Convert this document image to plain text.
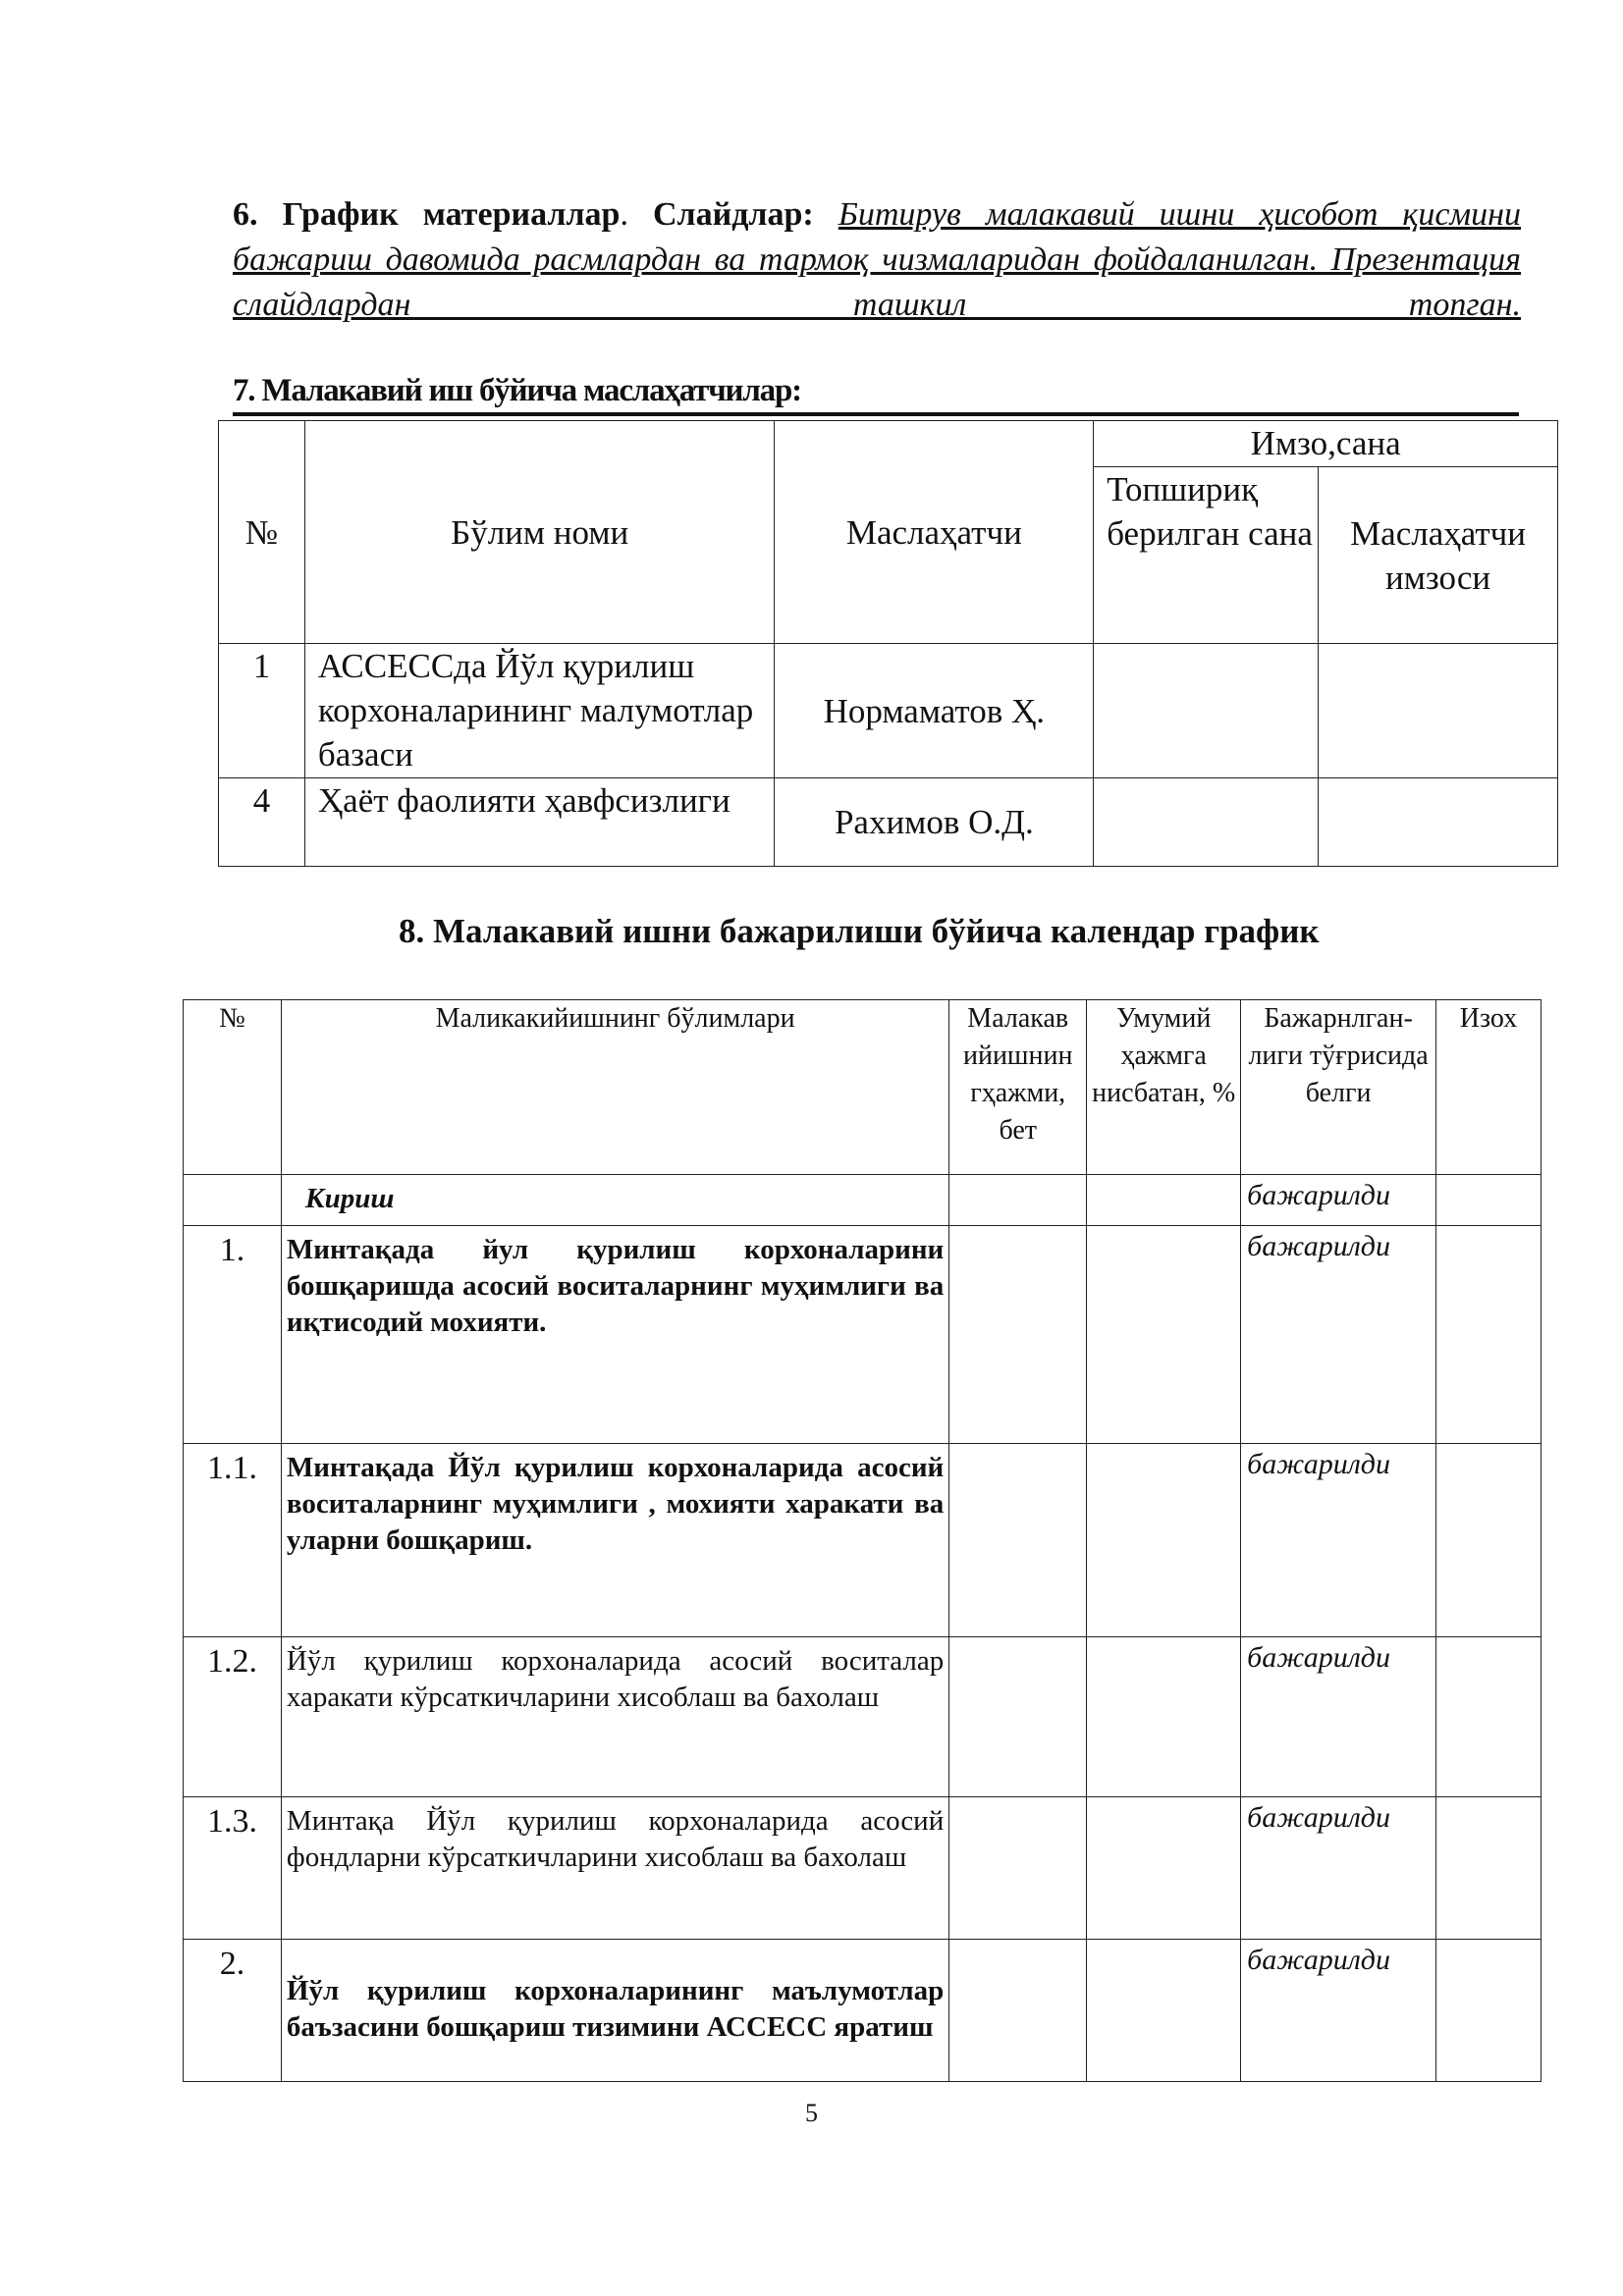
6. График материаллар. Слайдлар: Битирув малакавий ишни ҳисобот қисмини бажариш давомида расмлардан ва тармоқ чизмаларидан фойдаланилган. Презентация слайдлардан ташкил топган.
7. Малакавий иш бўйича маслаҳатчилар:
№	Бўлим номи	Маслаҳатчи	Имзо,сана	
			Топшириқ берилган сана	Маслаҳатчи имзоси
1	АССЕССда Йўл қурилиш корхоналарининг малумотлар базаси	Нормаматов Ҳ.		
4	Ҳаёт фаолияти ҳавфсизлиги	Рахимов О.Д.		
8. Малакавий ишни бажарилиши бўйича календар график
№	Маликакийишнинг бўлимлари	Малакав ийишнин гҳажми, бет	Умумий ҳажмга нисбатан, %	Бажарнлган-лиги тўғрисида белги	Изох
	Кириш			бажарилди	
1.	Минтақада йул қурилиш корхоналарини бошқаришда асосий воситаларнинг муҳимлиги ва иқтисодий мохияти.			бажарилди	
1.1.	Минтақада Йўл қурилиш корхоналарида асосий воситаларнинг муҳимлиги , мохияти харакати ва уларни бошқариш.			бажарилди	
1.2.	Йўл қурилиш корхоналарида асосий воситалар харакати кўрсаткичларини хисоблаш ва бахолаш			бажарилди	
1.3.	Минтақа Йўл қурилиш корхоналарида асосий фондларни кўрсаткичларини хисоблаш ва бахолаш			бажарилди	
2.	Йўл қурилиш корхоналарининг маълумотлар баъзасини бошқариш тизимини АССЕСС яратиш			бажарилди	
5
